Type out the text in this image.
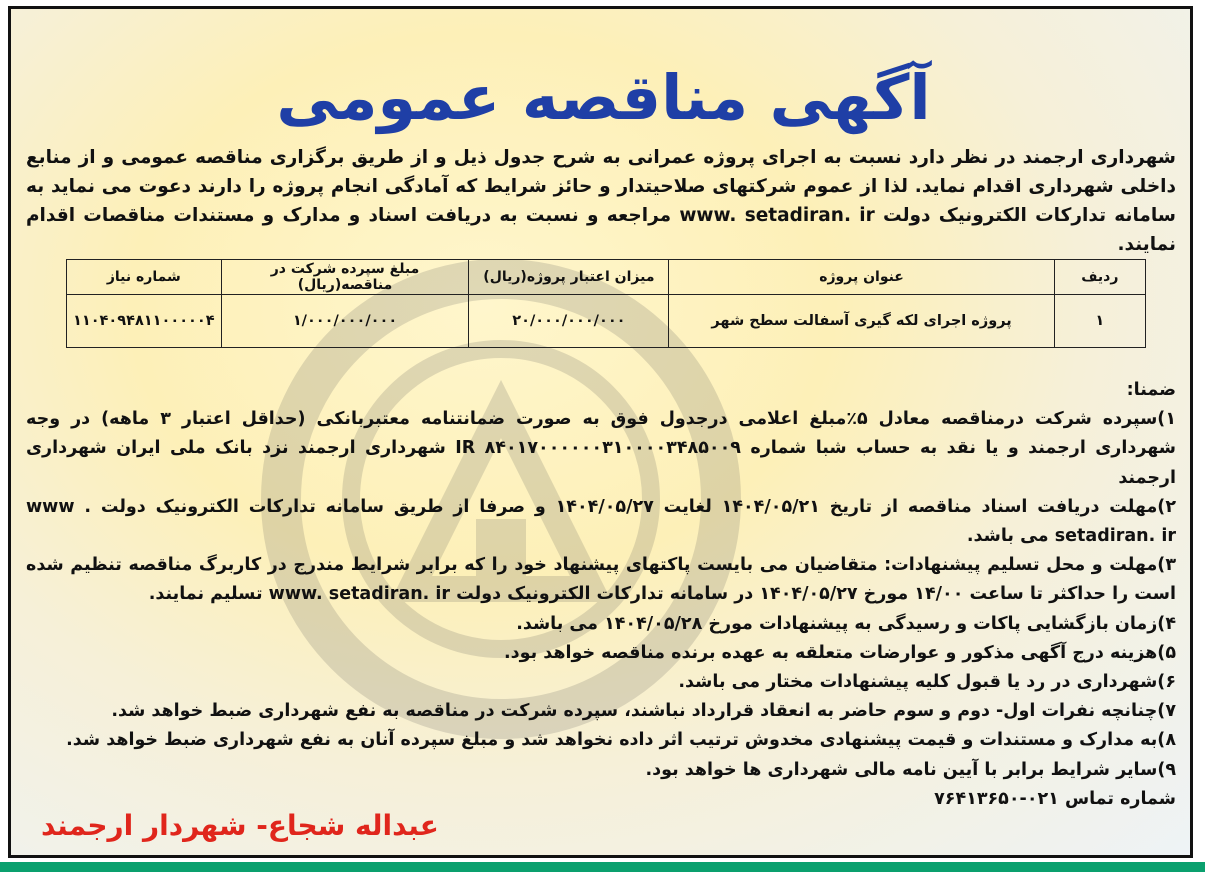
آگهی مناقصه عمومی
شهرداری ارجمند در نظر دارد نسبت به اجرای پروژه عمرانی به شرح جدول ذیل و از طریق برگزاری مناقصه عمومی و از منابع داخلی شهرداری اقدام نماید. لذا از عموم شرکتهای صلاحیتدار و حائز شرایط که آمادگی انجام پروژه را دارند دعوت می نماید به سامانه تدارکات الکترونیک دولت www. setadiran. ir مراجعه و نسبت به دریافت اسناد و مدارک و مستندات مناقصات اقدام نمایند.
ردیف	عنوان پروژه	میزان اعتبار پروژه(ریال)	مبلغ سپرده شرکت در مناقصه(ریال)	شماره نیاز
۱	پروژه اجرای لکه گیری آسفالت سطح شهر	۲۰/۰۰۰/۰۰۰/۰۰۰	۱/۰۰۰/۰۰۰/۰۰۰	۱۱۰۴۰۹۴۸۱۱۰۰۰۰۰۴

ضمنا:

۱)سپرده شرکت درمناقصه معادل ۵٪مبلغ اعلامی درجدول فوق به صورت ضمانتنامه معتبربانکی (حداقل اعتبار ۳ ماهه) در وجه شهرداری ارجمند و یا نقد به حساب شبا شماره IR ۸۴۰۱۷۰۰۰۰۰۰۳۱۰۰۰۰۳۴۸۵۰۰۹ شهرداری ارجمند نزد بانک ملی ایران شهرداری ارجمند

۲)مهلت دریافت اسناد مناقصه از تاریخ ۱۴۰۴/۰۵/۲۱ لغایت ۱۴۰۴/۰۵/۲۷ و صرفا از طریق سامانه تدارکات الکترونیک دولت . www setadiran. ir می باشد.

۳)مهلت و محل تسلیم پیشنهادات: متقاضیان می بایست پاکتهای پیشنهاد خود را که برابر شرایط مندرج در کاربرگ مناقصه تنظیم شده است را حداکثر تا ساعت ۱۴/۰۰ مورخ ۱۴۰۴/۰۵/۲۷ در سامانه تدارکات الکترونیک دولت www. setadiran. ir تسلیم نمایند.

۴)زمان بازگشایی پاکات و رسیدگی به پیشنهادات مورخ ۱۴۰۴/۰۵/۲۸ می باشد.

۵)هزینه درج آگهی مذکور و عوارضات متعلقه به عهده برنده مناقصه خواهد بود.

۶)شهرداری در رد یا قبول کلیه پیشنهادات مختار می باشد.

۷)چنانچه نفرات اول- دوم و سوم حاضر به انعقاد قرارداد نباشند، سپرده شرکت در مناقصه به نفع شهرداری ضبط خواهد شد.

۸)به مدارک و مستندات و قیمت پیشنهادی مخدوش ترتیب اثر داده نخواهد شد و مبلغ سپرده آنان به نفع شهرداری ضبط خواهد شد.

۹)سایر شرایط برابر با آیین نامه مالی شهرداری ها خواهد بود.

شماره تماس ۰۲۱-۷۶۴۱۳۶۵۰

عبداله شجاع- شهردار ارجمند
